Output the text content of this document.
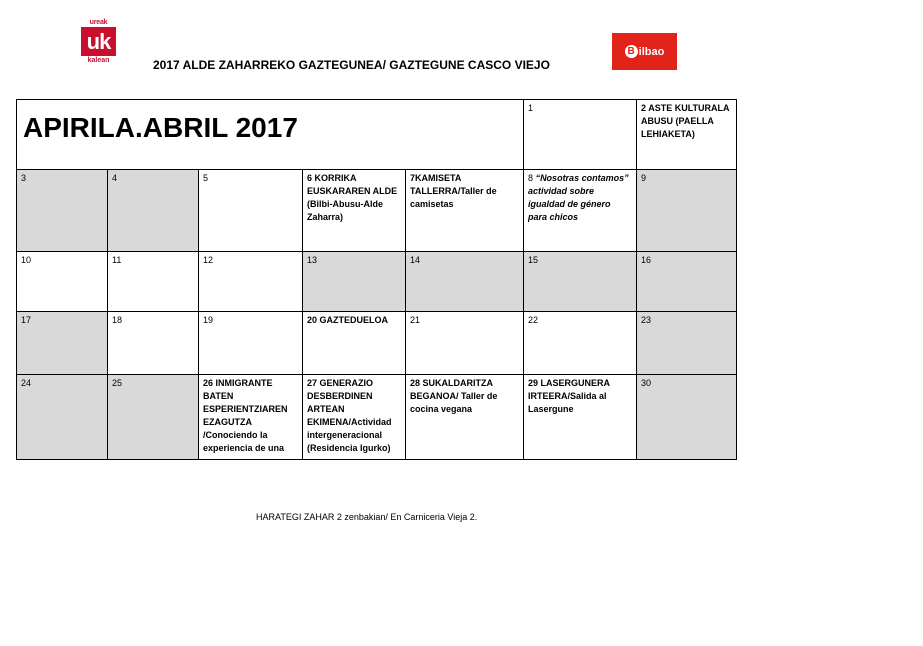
ureak
uk
kalean	2017 ALDE ZAHARREKO GAZTEGUNEA/ GAZTEGUNE CASCO VIEJO
B ilbao
APIRILA.ABRIL 2017					1	2 ASTE KULTURALA ABUSU (PAELLA LEHIAKETA)
3	4	5	6 KORRIKA EUSKARAREN ALDE (Bilbi-Abusu-Alde Zaharra)	7KAMISETA TALLERRA/Taller de camisetas	8 “Nosotras contamos” actividad sobre igualdad de género para chicos	9
10	11	12	13	14	15	16
17	18	19	20 GAZTEDUELOA	21	22	23
24	25	26 INMIGRANTE BATEN ESPERIENTZIAREN EZAGUTZA /Conociendo la experiencia de una	27 GENERAZIO DESBERDINEN ARTEAN EKIMENA/Actividad intergeneracional (Residencia Igurko)	28 SUKALDARITZA BEGANOA/ Taller de cocina vegana	29 LASERGUNERA IRTEERA/Salida al Lasergune	30
HARATEGI ZAHAR 2 zenbakian/ En Carniceria Vieja 2.
